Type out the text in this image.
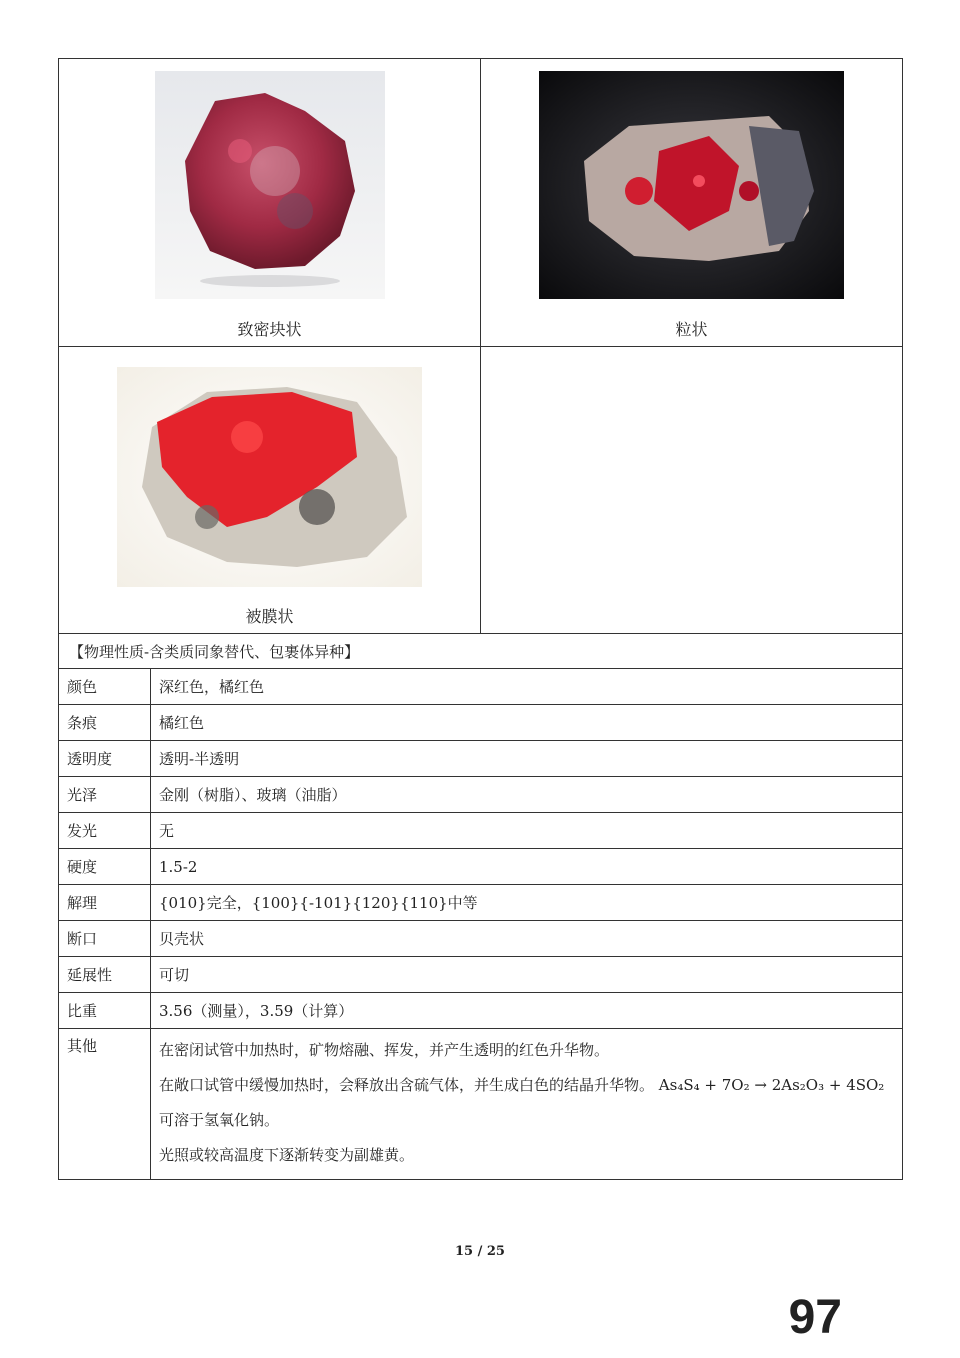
致密块状		粒状

被膜状		

【物理性质-含类质同象替代、包裹体异种】		
颜色	深红色，橘红色	
条痕	橘红色	
透明度	透明-半透明	
光泽	金刚（树脂）、玻璃（油脂）	
发光	无	
硬度	1.5-2	
解理	{010}完全，{100}{-101}{120}{110}中等	
断口	贝壳状	
延展性	可切	
比重	3.56（测量），3.59（计算）	
其他	在密闭试管中加热时，矿物熔融、挥发，并产生透明的红色升华物。
在敞口试管中缓慢加热时，会释放出含硫气体，并生成白色的结晶升华物。 As₄S₄ + 7O₂ → 2As₂O₃ + 4SO₂
可溶于氢氧化钠。
光照或较高温度下逐渐转变为副雄黄。	
15 / 25
97
